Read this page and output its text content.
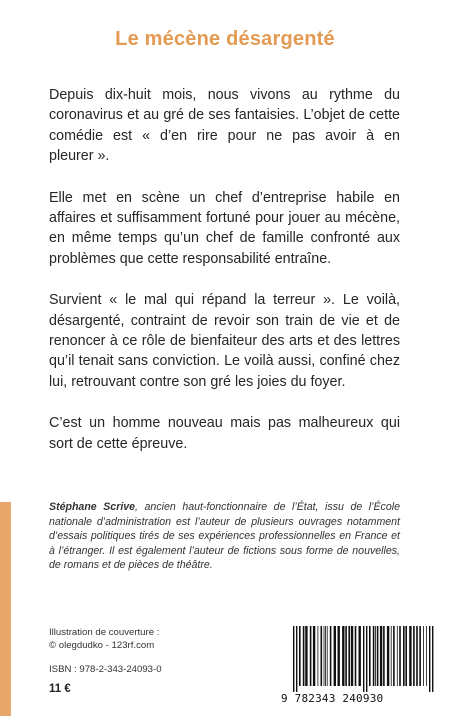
Le mécène désargenté

Depuis dix-huit mois, nous vivons au rythme du coronavirus et au gré de ses fantaisies. L’objet de cette comédie est « d’en rire pour ne pas avoir à en pleurer ».

Elle met en scène un chef d’entreprise habile en affaires et suffisamment fortuné pour jouer au mécène, en même temps qu’un chef de famille confronté aux problèmes que cette responsabilité entraîne.

Survient « le mal qui répand la terreur ». Le voilà, désargenté, contraint de revoir son train de vie et de renoncer à ce rôle de bienfaiteur des arts et des lettres qu’il tenait sans conviction. Le voilà aussi, confiné chez lui, retrouvant contre son gré les joies du foyer.

C’est un homme nouveau mais pas malheureux qui sort de cette épreuve.

Stéphane Scrive, ancien haut-fonctionnaire de l’État, issu de l’École nationale d’administration est l’auteur de plusieurs ouvrages notamment d’essais politiques tirés de ses expériences professionnelles en France et à l’étranger. Il est également l’auteur de fictions sous forme de nouvelles, de romans et de pièces de théâtre.

Illustration de couverture :
© olegdudko - 123rf.com
ISBN : 978-2-343-24093-0
11 €
9 782343 240930
